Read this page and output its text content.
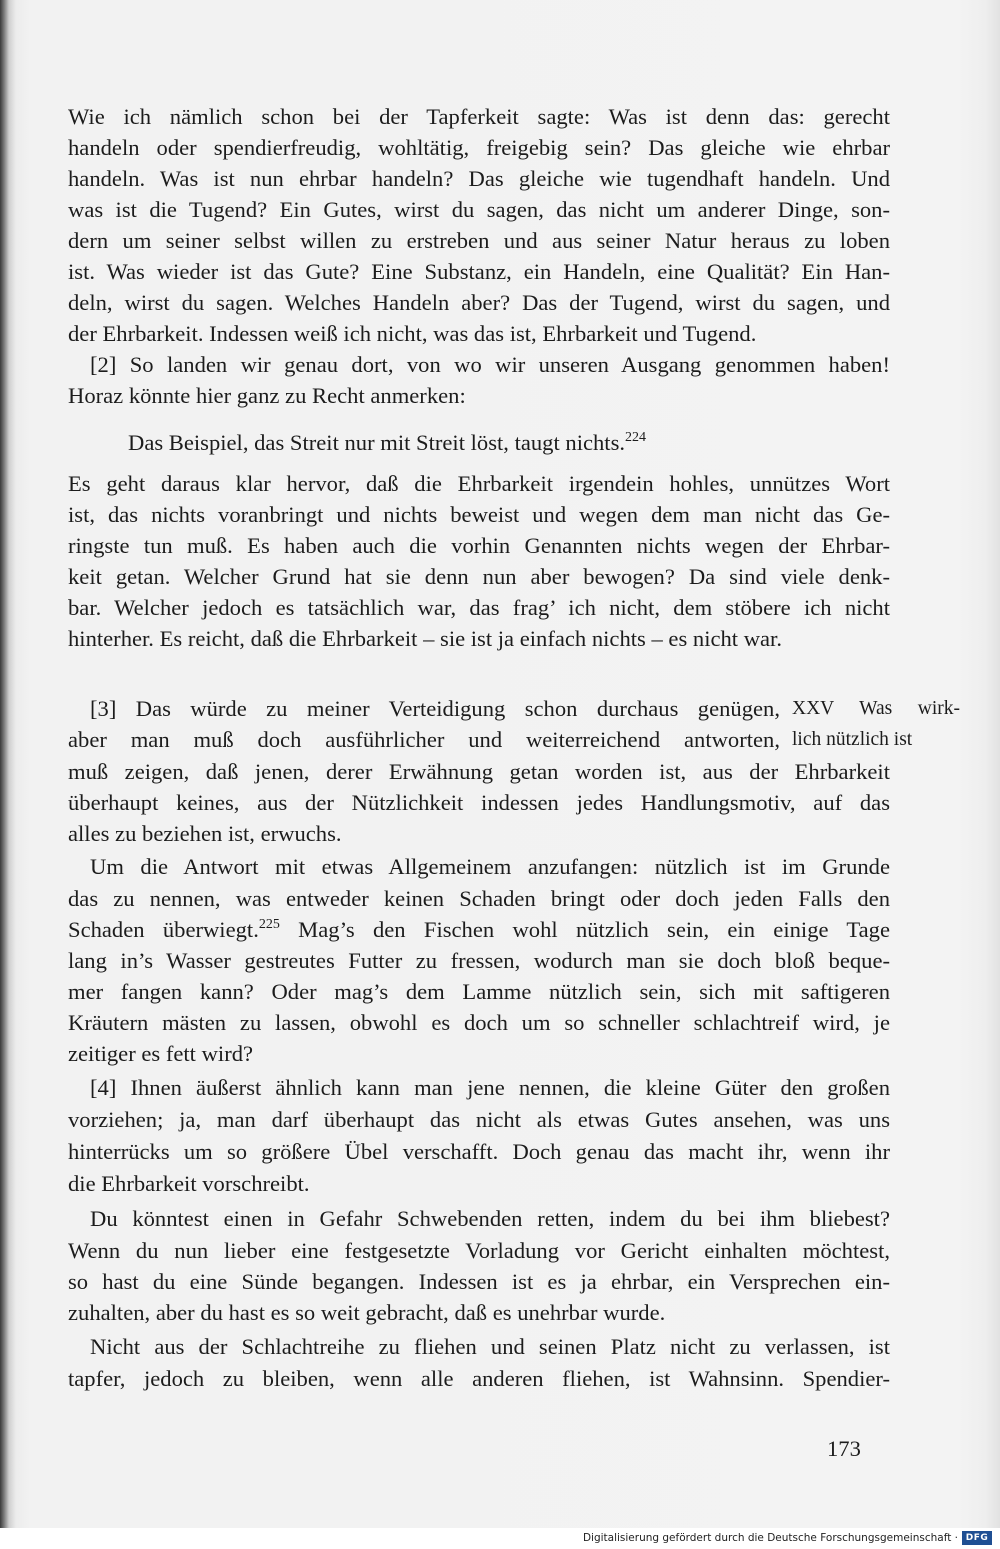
Wie ich nämlich schon bei der Tapferkeit sagte: Was ist denn das: gerecht
handeln oder spendierfreudig, wohltätig, freigebig sein? Das gleiche wie ehrbar
handeln. Was ist nun ehrbar handeln? Das gleiche wie tugendhaft handeln. Und
was ist die Tugend? Ein Gutes, wirst du sagen, das nicht um anderer Dinge, son-
dern um seiner selbst willen zu erstreben und aus seiner Natur heraus zu loben
ist. Was wieder ist das Gute? Eine Substanz, ein Handeln, eine Qualität? Ein Han-
deln, wirst du sagen. Welches Handeln aber? Das der Tugend, wirst du sagen, und
der Ehrbarkeit. Indessen weiß ich nicht, was das ist, Ehrbarkeit und Tugend.
[2] So landen wir genau dort, von wo wir unseren Ausgang genommen haben!
Horaz könnte hier ganz zu Recht anmerken:
Das Beispiel, das Streit nur mit Streit löst, taugt nichts.$^{224}$
Es geht daraus klar hervor, daß die Ehrbarkeit irgendein hohles, unnützes Wort
ist, das nichts voranbringt und nichts beweist und wegen dem man nicht das Ge-
ringste tun muß. Es haben auch die vorhin Genannten nichts wegen der Ehrbar-
keit getan. Welcher Grund hat sie denn nun aber bewogen? Da sind viele denk-
bar. Welcher jedoch es tatsächlich war, das frag’ ich nicht, dem stöbere ich nicht
hinterher. Es reicht, daß die Ehrbarkeit – sie ist ja einfach nichts – es nicht war.
[3] Das würde zu meiner Verteidigung schon durchaus genügen,
aber man muß doch ausführlicher und weiterreichend antworten,
muß zeigen, daß jenen, derer Erwähnung getan worden ist, aus der Ehrbarkeit
überhaupt keines, aus der Nützlichkeit indessen jedes Handlungsmotiv, auf das
alles zu beziehen ist, erwuchs.
Um die Antwort mit etwas Allgemeinem anzufangen: nützlich ist im Grunde
das zu nennen, was entweder keinen Schaden bringt oder doch jeden Falls den
Schaden überwiegt.$^{225}$ Mag’s den Fischen wohl nützlich sein, ein einige Tage
lang in’s Wasser gestreutes Futter zu fressen, wodurch man sie doch bloß beque-
mer fangen kann? Oder mag’s dem Lamme nützlich sein, sich mit saftigeren
Kräutern mästen zu lassen, obwohl es doch um so schneller schlachtreif wird, je
zeitiger es fett wird?
[4] Ihnen äußerst ähnlich kann man jene nennen, die kleine Güter den großen
vorziehen; ja, man darf überhaupt das nicht als etwas Gutes ansehen, was uns
hinterrücks um so größere Übel verschafft. Doch genau das macht ihr, wenn ihr
die Ehrbarkeit vorschreibt.
Du könntest einen in Gefahr Schwebenden retten, indem du bei ihm bliebest?
Wenn du nun lieber eine festgesetzte Vorladung vor Gericht einhalten möchtest,
so hast du eine Sünde begangen. Indessen ist es ja ehrbar, ein Versprechen ein-
zuhalten, aber du hast es so weit gebracht, daß es unehrbar wurde.
Nicht aus der Schlachtreihe zu fliehen und seinen Platz nicht zu verlassen, ist
tapfer, jedoch zu bleiben, wenn alle anderen fliehen, ist Wahnsinn. Spendier-
XXV Was wirk-
lich nützlich ist
173
Digitalisierung gefördert durch die Deutsche Forschungsgemeinschaft · DFG
